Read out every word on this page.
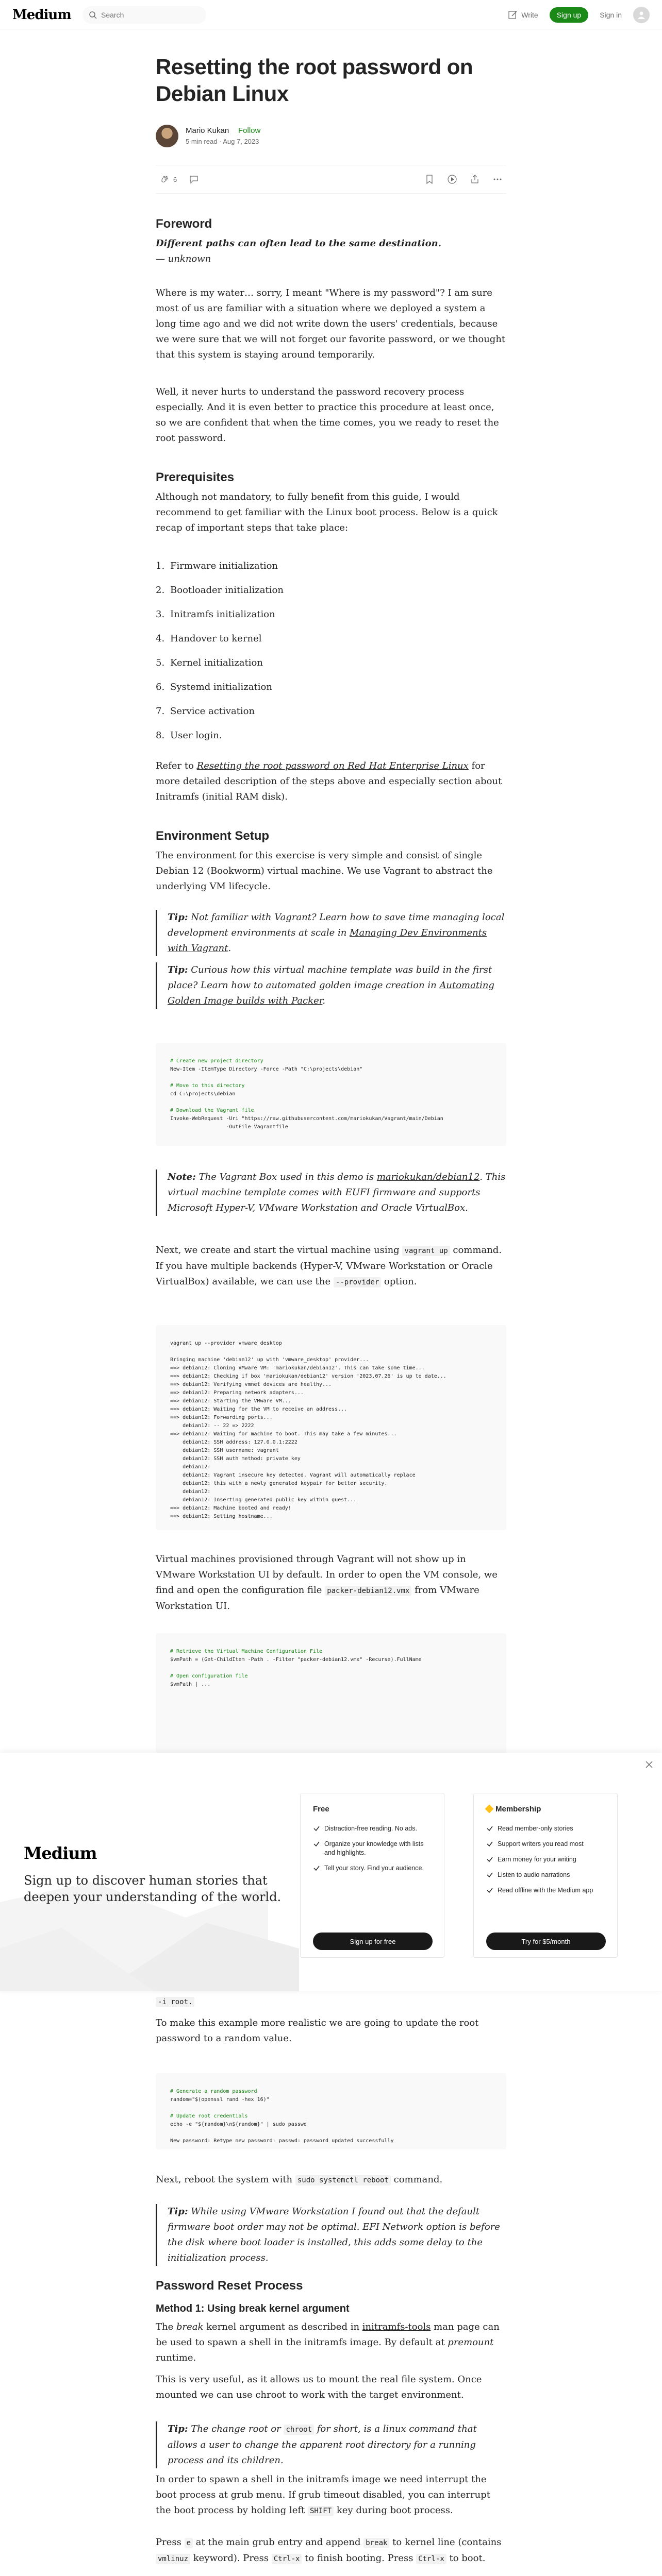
Medium
Search	Write	Sign up	Sign in
Resetting the root password on Debian Linux
Mario Kukan Follow
5 min read · Aug 7, 2023
6
Foreword
Different paths can often lead to the same destination.
— unknown

Where is my water… sorry, I meant "Where is my password"? I am sure most of us are familiar with a situation where we deployed a system a long time ago and we did not write down the users' credentials, because we were sure that we will not forget our favorite password, or we thought that this system is staying around temporarily.

Well, it never hurts to understand the password recovery process especially. And it is even better to practice this procedure at least once, so we are confident that when the time comes, you we ready to reset the root password.

Prerequisites

Although not mandatory, to fully benefit from this guide, I would recommend to get familiar with the Linux boot process. Below is a quick recap of important steps that take place:

1. Firmware initialization
2. Bootloader initialization
3. Initramfs initialization
4. Handover to kernel
5. Kernel initialization
6. Systemd initialization
7. Service activation
8. User login.

Refer to Resetting the root password on Red Hat Enterprise Linux for more detailed description of the steps above and especially section about Initramfs (initial RAM disk).

Environment Setup

The environment for this exercise is very simple and consist of single Debian 12 (Bookworm) virtual machine. We use Vagrant to abstract the underlying VM lifecycle.

Tip: Not familiar with Vagrant? Learn how to save time managing local development environments at scale in Managing Dev Environments with Vagrant.
Tip: Curious how this virtual machine template was build in the first place? Learn how to automated golden image creation in Automating Golden Image builds with Packer.
# Create new project directory
New-Item -ItemType Directory -Force -Path "C:\projects\debian"

# Move to this directory
cd C:\projects\debian

# Download the Vagrant file
Invoke-WebRequest -Uri "https://raw.githubusercontent.com/mariokukan/Vagrant/main/Debian
-OutFile Vagrantfile
Note: The Vagrant Box used in this demo is mariokukan/debian12. This virtual machine template comes with EUFI firmware and supports Microsoft Hyper-V, VMware Workstation and Oracle VirtualBox.

Next, we create and start the virtual machine using vagrant up command. If you have multiple backends (Hyper-V, VMware Workstation or Oracle VirtualBox) available, we can use the --provider option.

vagrant up --provider vmware_desktop

Bringing machine 'debian12' up with 'vmware_desktop' provider...
==> debian12: Cloning VMware VM: 'mariokukan/debian12'. This can take some time...
==> debian12: Checking if box 'mariokukan/debian12' version '2023.07.26' is up to date...
==> debian12: Verifying vmnet devices are healthy...
==> debian12: Preparing network adapters...
==> debian12: Starting the VMware VM...
==> debian12: Waiting for the VM to receive an address...
==> debian12: Forwarding ports...
debian12: -- 22 => 2222
==> debian12: Waiting for machine to boot. This may take a few minutes...
debian12: SSH address: 127.0.0.1:2222
debian12: SSH username: vagrant
debian12: SSH auth method: private key
debian12:
debian12: Vagrant insecure key detected. Vagrant will automatically replace
debian12: this with a newly generated keypair for better security.
debian12:
debian12: Inserting generated public key within guest...
==> debian12: Machine booted and ready!
==> debian12: Setting hostname...

Virtual machines provisioned through Vagrant will not show up in VMware Workstation UI by default. In order to open the VM console, we find and open the configuration file packer-debian12.vmx from VMware Workstation UI.

# Retrieve the Virtual Machine Configuration File
$vmPath = (Get-ChildItem -Path . -Filter "packer-debian12.vmx" -Recurse).FullName

# Open configuration file
$vmPath | ...

-i root.

To make this example more realistic we are going to update the root password to a random value.

# Generate a random password
random="$(openssl rand -hex 16)"

# Update root credentials
echo -e "${random}\n${random}" | sudo passwd

New password: Retype new password: passwd: password updated successfully

Next, reboot the system with sudo systemctl reboot command.

Tip: While using VMware Workstation I found out that the default firmware boot order may not be optimal. EFI Network option is before the disk where boot loader is installed, this adds some delay to the initialization process.
Password Reset Process
Method 1: Using break kernel argument

The break kernel argument as described in initramfs-tools man page can be used to spawn a shell in the initramfs image. By default at premount runtime.

This is very useful, as it allows us to mount the real file system. Once mounted we can use chroot to work with the target environment.

Tip: The change root or chroot for short, is a linux command that allows a user to change the apparent root directory for a running process and its children.

In order to spawn a shell in the initramfs image we need interrupt the boot process at grub menu. If grub timeout disabled, you can interrupt the boot process by holding left SHIFT key during boot process.

Press e at the main grub entry and append break to kernel line (contains vmlinuz keyword). Press Ctrl-x to finish booting. Press Ctrl-x to boot.

Medium
Sign up to discover human stories that deepen your understanding of the world.
Free
Distraction-free reading. No ads.
Organize your knowledge with lists and highlights.
Tell your story. Find your audience.
Sign up for free
Membership
Read member-only stories
Support writers you read most
Earn money for your writing
Listen to audio narrations
Read offline with the Medium app
Try for $5/month
